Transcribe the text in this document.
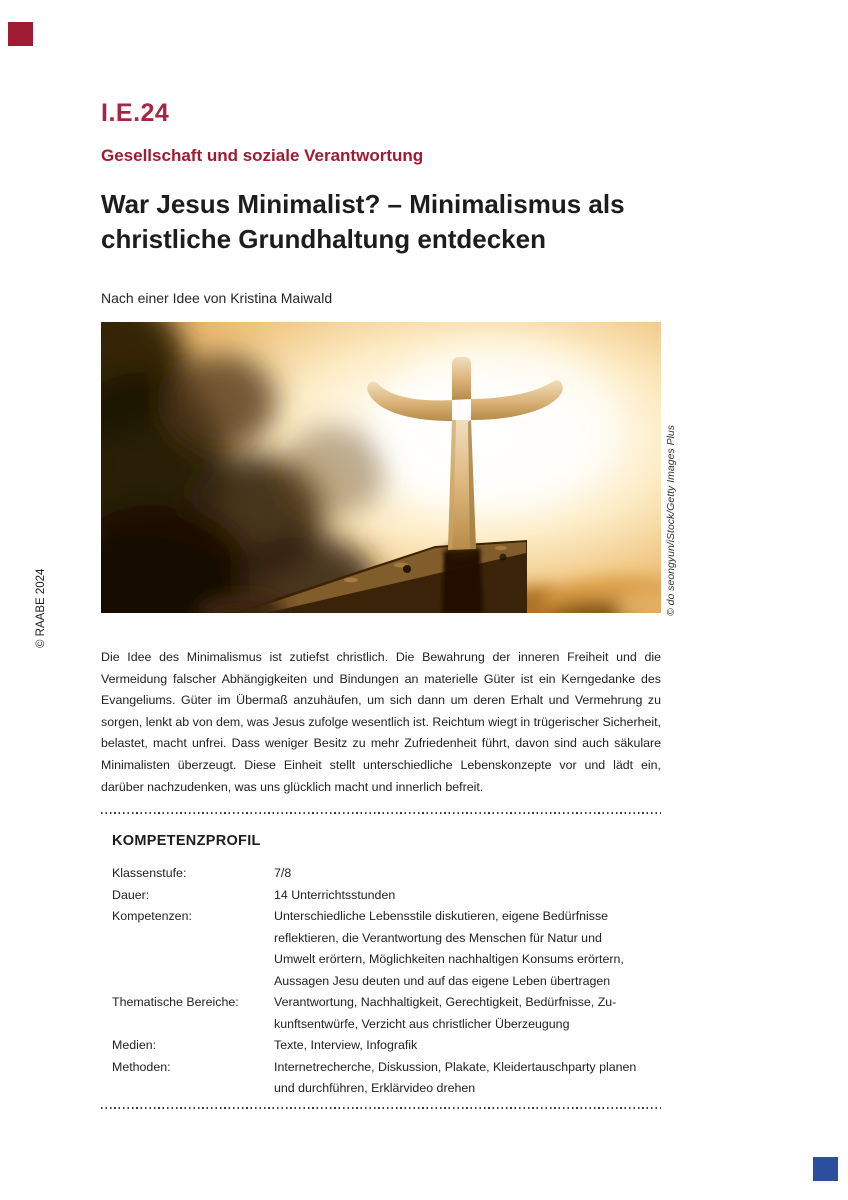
I.E.24
Gesellschaft und soziale Verantwortung
War Jesus Minimalist? – Minimalismus als
christliche Grundhaltung entdecken
Nach einer Idee von Kristina Maiwald
© do seongyun/iStock/Getty Images Plus
© RAABE 2024
Die Idee des Minimalismus ist zutiefst christlich. Die Bewahrung der inneren Freiheit und die Vermeidung falscher Abhängigkeiten und Bindungen an materielle Güter ist ein Kerngedanke des Evangeliums. Güter im Übermaß anzuhäufen, um sich dann um deren Erhalt und Vermehrung zu sorgen, lenkt ab von dem, was Jesus zufolge wesentlich ist. Reichtum wiegt in trügerischer Sicherheit, belastet, macht unfrei. Dass weniger Besitz zu mehr Zufriedenheit führt, davon sind auch säkulare Minimalisten überzeugt. Diese Einheit stellt unterschiedliche Lebenskonzepte vor und lädt ein, darüber nachzudenken, was uns glücklich macht und innerlich befreit.
KOMPETENZPROFIL
Klassenstufe:	7/8
Dauer:	14 Unterrichtsstunden
Kompetenzen:	Unterschiedliche Lebensstile diskutieren, eigene Bedürfnisse
reflektieren, die Verantwortung des Menschen für Natur und
Umwelt erörtern, Möglichkeiten nachhaltigen Konsums erörtern,
Aussagen Jesu deuten und auf das eigene Leben übertragen
Thematische Bereiche:	Verantwortung, Nachhaltigkeit, Gerechtigkeit, Bedürfnisse, Zu-
kunftsentwürfe, Verzicht aus christlicher Überzeugung
Medien:	Texte, Interview, Infografik
Methoden:	Internetrecherche, Diskussion, Plakate, Kleidertauschparty planen
und durchführen, Erklärvideo drehen
